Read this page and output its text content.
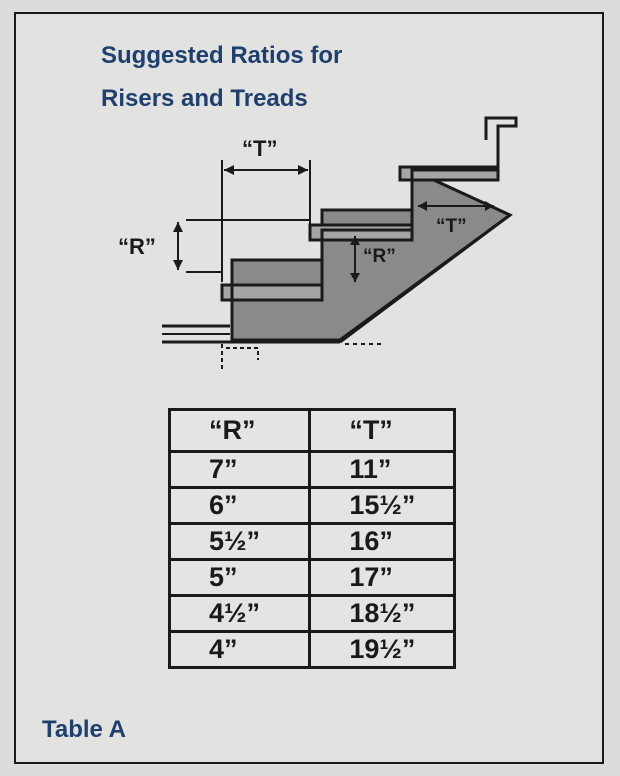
Suggested Ratios for
Risers and Treads
“T”
“R”	“R”
“T”
“R”	“T”
7”	11”
6”	15½”
5½”	16”
5”	17”
4½”	18½”
4”	19½”
Table A
